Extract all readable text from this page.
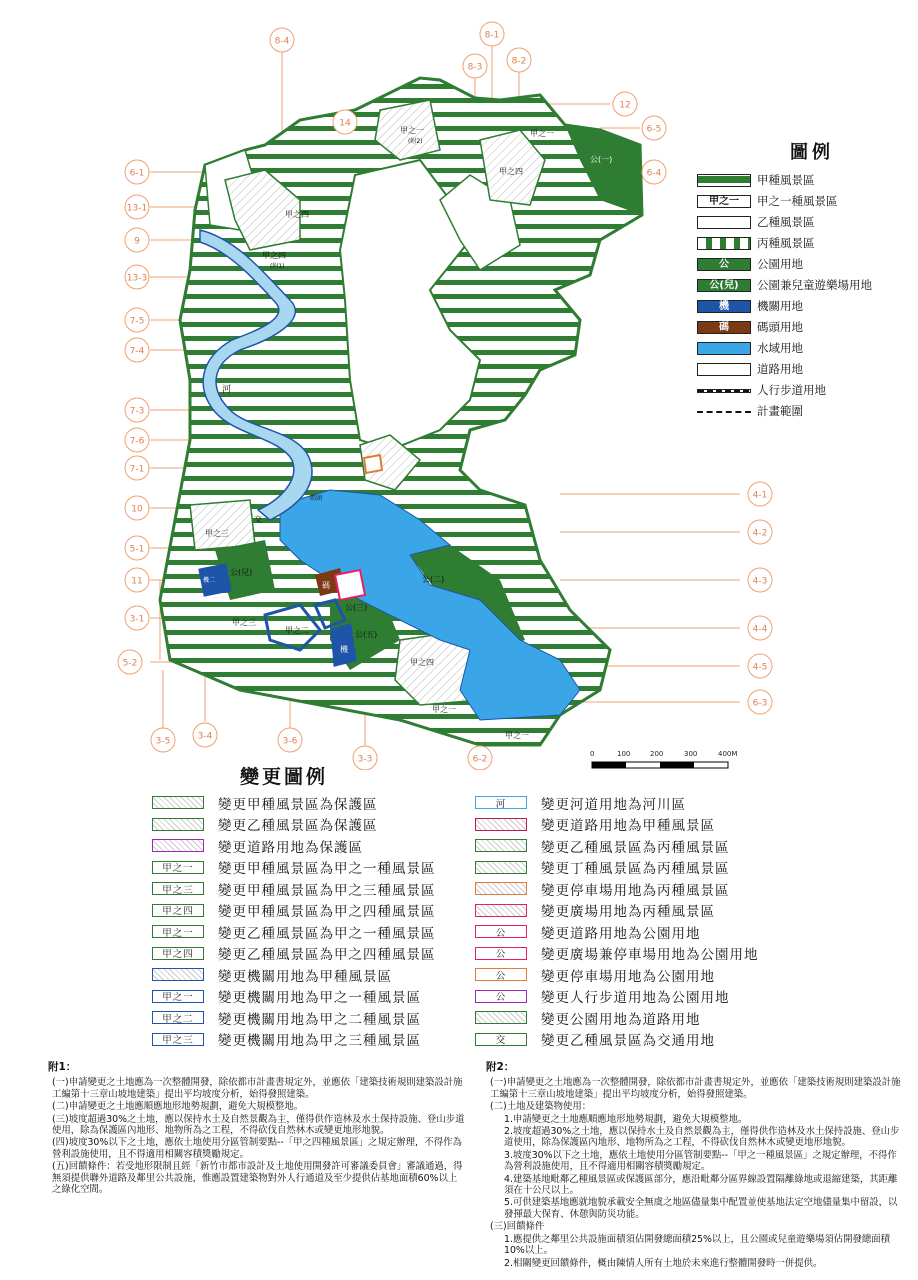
河
甲之一
(附2)
甲之一
甲之四
甲之四
甲之四
(附1)
甲之三
甲之二
甲之三
甲之四
甲之一
甲之一
公(一)
公(二)
公(三)
公(五)
公(兒)
交
機
碼
碼頭
機二
8-4
8-1
8-3
8-2
12
14
6-5
6-4
6-1
13-1
9
13-3
7-5
7-4
7-3
7-6
7-1
10
5-1
11
3-1
5-2
3-5	3-4	3-6
3-3	6-2
4-1
4-2
4-3
4-4
4-5
6-3
圖例
甲種風景區
甲之一	甲之一種風景區
乙種風景區
丙種風景區
公	公園用地
公(兒)	公園兼兒童遊樂場用地
機	機關用地
碼	碼頭用地
水域用地
道路用地
人行步道用地
計畫範圍
0	100	200	300	400M
變更圖例
變更甲種風景區為保護區
變更乙種風景區為保護區
變更道路用地為保護區
甲之一	變更甲種風景區為甲之一種風景區
甲之三	變更甲種風景區為甲之三種風景區
甲之四	變更甲種風景區為甲之四種風景區
甲之一	變更乙種風景區為甲之一種風景區
甲之四	變更乙種風景區為甲之四種風景區
變更機關用地為甲種風景區
甲之一	變更機關用地為甲之一種風景區
甲之二	變更機關用地為甲之二種風景區
甲之三	變更機關用地為甲之三種風景區
河	變更河道用地為河川區
變更道路用地為甲種風景區
變更乙種風景區為丙種風景區
變更丁種風景區為丙種風景區
變更停車場用地為丙種風景區
變更廣場用地為丙種風景區
公	變更道路用地為公園用地
公	變更廣場兼停車場用地為公園用地
公	變更停車場用地為公園用地
公	變更人行步道用地為公園用地
變更公園用地為道路用地
交	變更乙種風景區為交通用地
附1：

(一)申請變更之土地應為一次整體開發，除依都市計畫書規定外，並應依「建築技術規則建築設計施工編第十三章山坡地建築」提出平均坡度分析，始得發照建築。

(二)申請變更之土地應順應地形地勢規劃，避免大規模整地。

(三)坡度超過30%之土地，應以保持水土及自然景觀為主，僅得供作造林及水土保持設施、登山步道使用，除為保護區內地形、地物所為之工程，不得砍伐自然林木或變更地形地貌。

(四)坡度30%以下之土地，應依土地使用分區管制要點--「甲之四種風景區」之規定辦理，不得作為營利設施使用，且不得適用相關容積獎勵規定。

(五)回饋條件：若受地形限制且經「新竹市都市設計及土地使用開發許可審議委員會」審議通過，得無須提供聯外道路及鄰里公共設施，惟應設置建築物對外人行通道及至少提供佔基地面積60%以上之綠化空間。

附2：

(一)申請變更之土地應為一次整體開發，除依都市計畫書規定外，並應依「建築技術規則建築設計施工編第十三章山坡地建築」提出平均坡度分析，始得發照建築。

(二)土地及建築物使用：

1.申請變更之土地應順應地形地勢規劃，避免大規模整地。

2.坡度超過30%之土地，應以保持水土及自然景觀為主，僅得供作造林及水土保持設施、登山步道使用，除為保護區內地形、地物所為之工程，不得砍伐自然林木或變更地形地貌。

3.坡度30%以下之土地，應依土地使用分區管制要點--「甲之一種風景區」之規定辦理，不得作為營利設施使用，且不得適用相關容積獎勵規定。

4.建築基地毗鄰乙種風景區或保護區部分，應沿毗鄰分區界線設置隔離綠地或退縮建築，其距離須在十公尺以上。

5.可供建築基地應就地貌承載安全無虞之地區儘量集中配置並使基地法定空地儘量集中留設，以發揮最大保育、休憩與防災功能。

(三)回饋條件

1.應提供之鄰里公共設施面積須佔開發總面積25%以上，且公園或兒童遊樂場須佔開發總面積10%以上。

2.相關變更回饋條件，概由陳情人所有土地於未來進行整體開發時一併提供。
